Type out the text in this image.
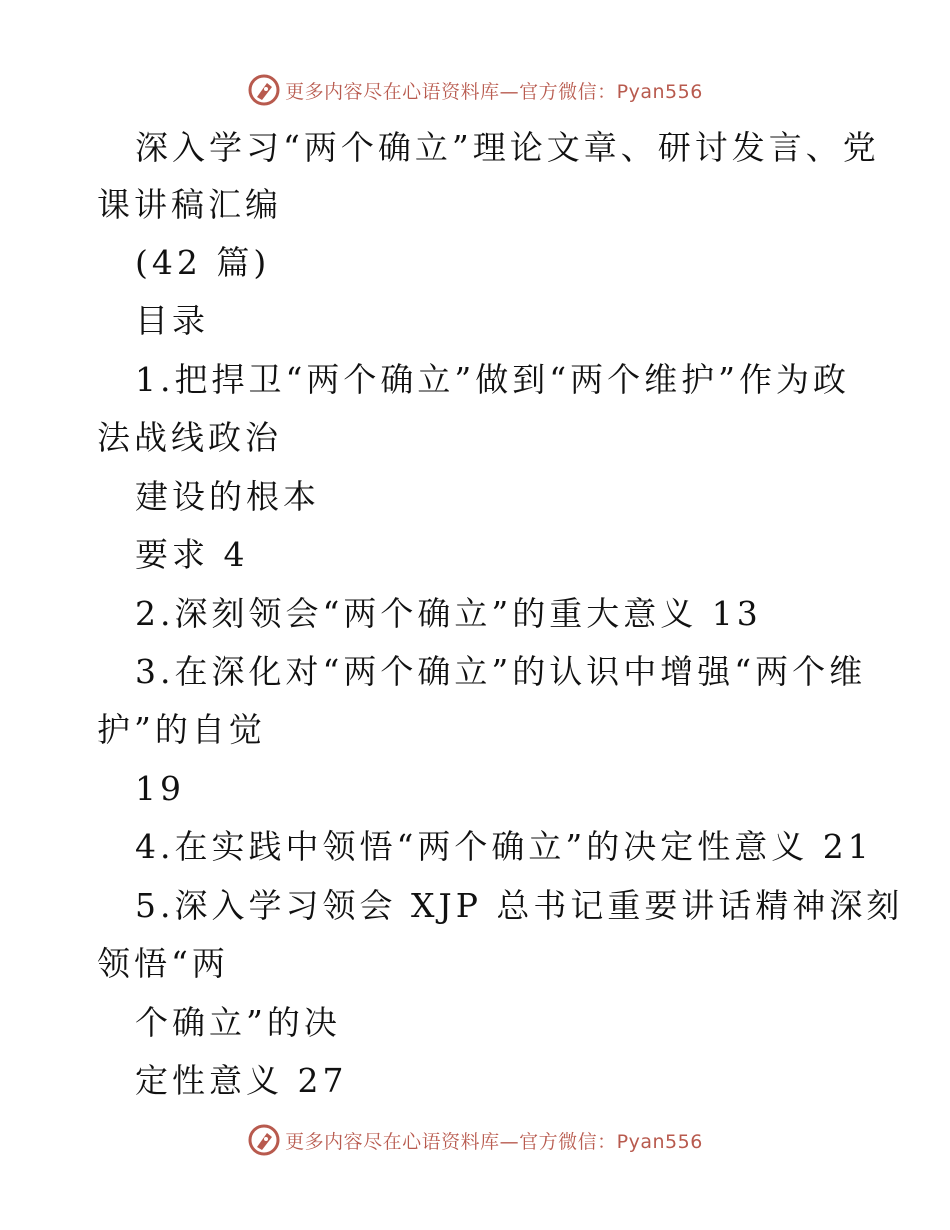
更多内容尽在心语资料库—官方微信：Pyan556
深入学习“两个确立”理论文章、研讨发言、党
课讲稿汇编
(42 篇)
目录
1.把捍卫“两个确立”做到“两个维护”作为政
法战线政治
建设的根本
要求 4
2.深刻领会“两个确立”的重大意义 13
3.在深化对“两个确立”的认识中增强“两个维
护”的自觉
19
4.在实践中领悟“两个确立”的决定性意义 21
5.深入学习领会 XJP 总书记重要讲话精神深刻
领悟“两
个确立”的决
定性意义 27
更多内容尽在心语资料库—官方微信：Pyan556
